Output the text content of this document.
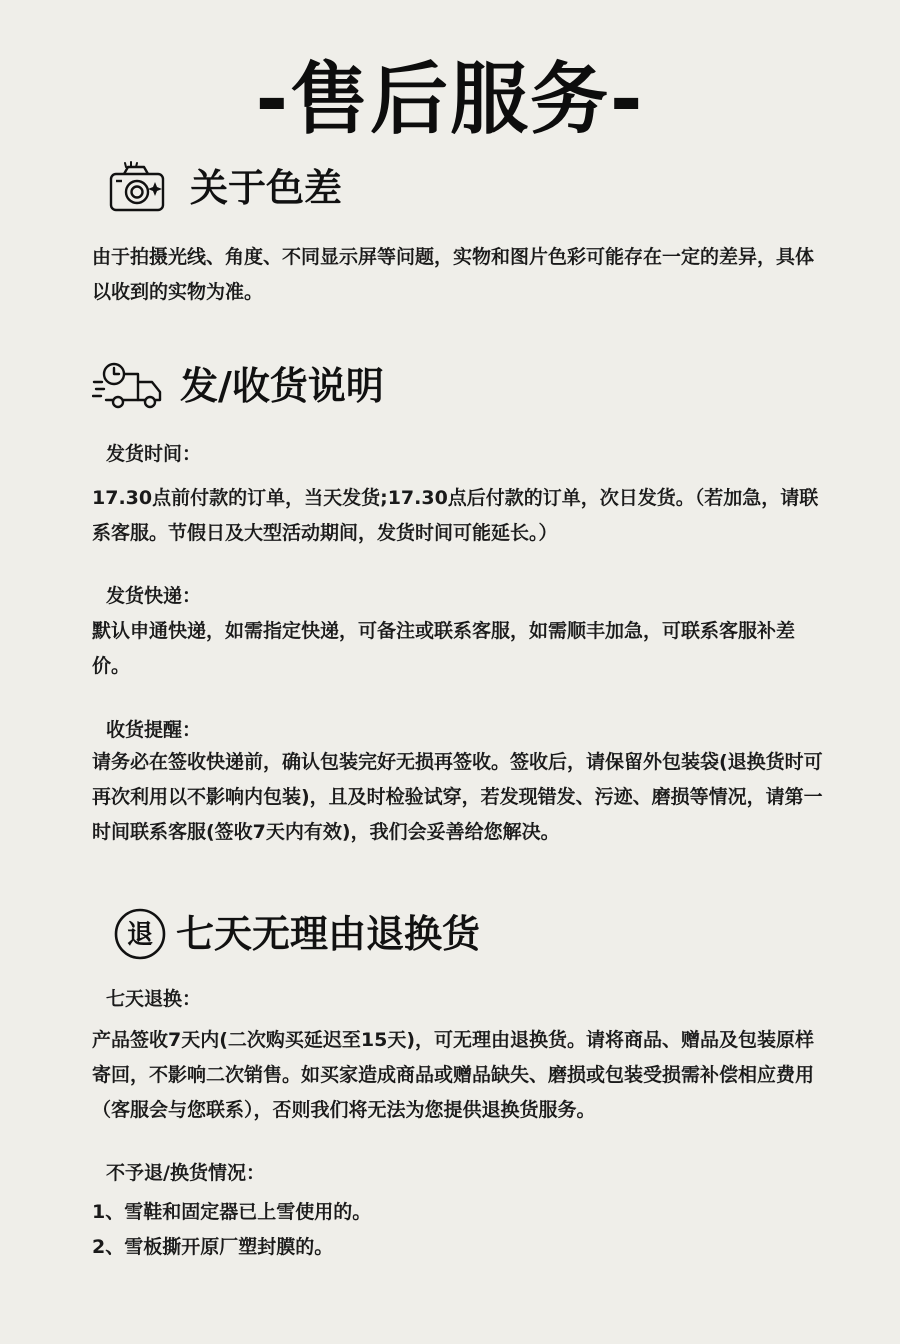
-售后服务-
关于色差

由于拍摄光线、角度、不同显示屏等问题，实物和图片色彩可能存在一定的差异，具体以收到的实物为准。

发/收货说明

发货时间：

17.30点前付款的订单，当天发货;17.30点后付款的订单，次日发货。（若加急，请联系客服。节假日及大型活动期间，发货时间可能延长。）

发货快递：

默认申通快递，如需指定快递，可备注或联系客服，如需顺丰加急，可联系客服补差价。

收货提醒：

请务必在签收快递前，确认包装完好无损再签收。签收后，请保留外包装袋(退换货时可再次利用以不影响内包装)，且及时检验试穿，若发现错发、污迹、磨损等情况，请第一时间联系客服(签收7天内有效)，我们会妥善给您解决。

退 七天无理由退换货

七天退换：

产品签收7天内(二次购买延迟至15天)，可无理由退换货。请将商品、赠品及包装原样寄回，不影响二次销售。如买家造成商品或赠品缺失、磨损或包装受损需补偿相应费用（客服会与您联系），否则我们将无法为您提供退换货服务。

不予退/换货情况：

1、雪鞋和固定器已上雪使用的。

2、雪板撕开原厂塑封膜的。
